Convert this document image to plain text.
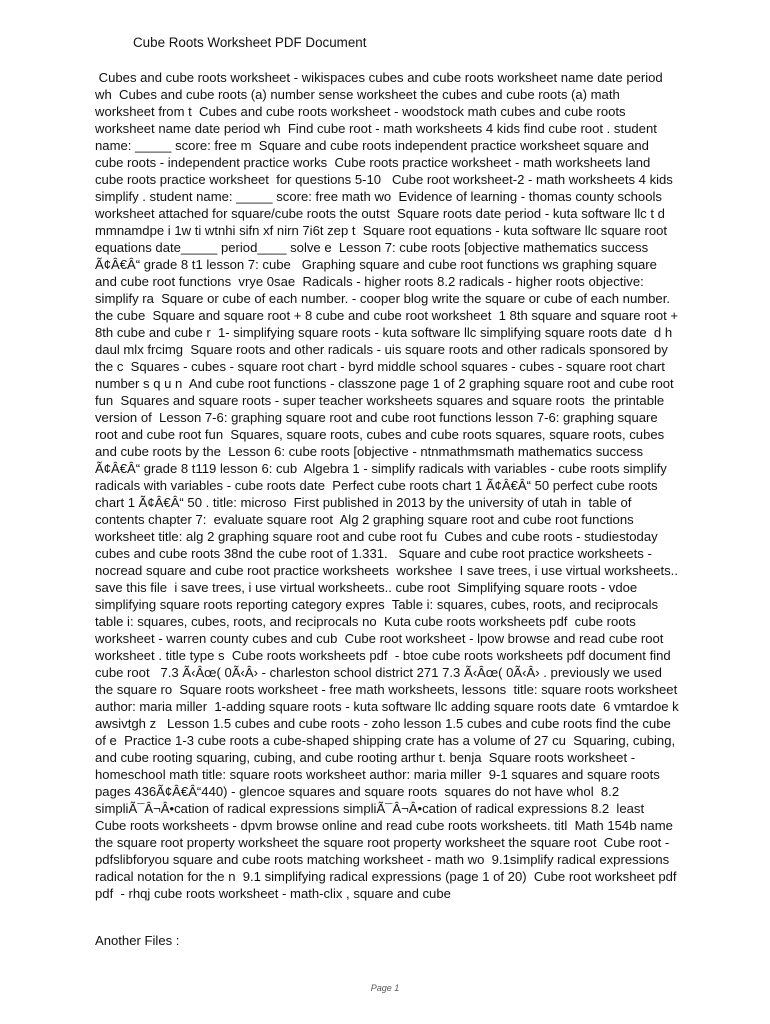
Cube Roots Worksheet PDF Document
Cubes and cube roots worksheet - wikispaces cubes and cube roots worksheet name date period
wh  Cubes and cube roots (a) number sense worksheet the cubes and cube roots (a) math
worksheet from t  Cubes and cube roots worksheet - woodstock math cubes and cube roots
worksheet name date period wh  Find cube root - math worksheets 4 kids find cube root . student
name: _____ score: free m  Square and cube roots independent practice worksheet square and
cube roots - independent practice works  Cube roots practice worksheet - math worksheets land
cube roots practice worksheet  for questions 5-10   Cube root worksheet-2 - math worksheets 4 kids
simplify . student name: _____ score: free math wo  Evidence of learning - thomas county schools
worksheet attached for square/cube roots the outst  Square roots date period - kuta software llc t d
mmnamdpe i 1w ti wtnhi sifn xf nirn 7i6t zep t  Square root equations - kuta software llc square root
equations date_____ period____ solve e  Lesson 7: cube roots [objective mathematics success
Ã¢Â€Â“ grade 8 t1 lesson 7: cube   Graphing square and cube root functions ws graphing square
and cube root functions  vrye 0sae  Radicals - higher roots 8.2 radicals - higher roots objective:
simplify ra  Square or cube of each number. - cooper blog write the square or cube of each number.
the cube  Square and square root + 8 cube and cube root worksheet  1 8th square and square root +
8th cube and cube r  1- simplifying square roots - kuta software llc simplifying square roots date  d h
daul mlx frcimg  Square roots and other radicals - uis square roots and other radicals sponsored by
the c  Squares - cubes - square root chart - byrd middle school squares - cubes - square root chart
number s q u n  And cube root functions - classzone page 1 of 2 graphing square root and cube root
fun  Squares and square roots - super teacher worksheets squares and square roots  the printable
version of  Lesson 7-6: graphing square root and cube root functions lesson 7-6: graphing square
root and cube root fun  Squares, square roots, cubes and cube roots squares, square roots, cubes
and cube roots by the  Lesson 6: cube roots [objective - ntnmathmsmath mathematics success
Ã¢Â€Â“ grade 8 t119 lesson 6: cub  Algebra 1 - simplify radicals with variables - cube roots simplify
radicals with variables - cube roots date  Perfect cube roots chart 1 Ã¢Â€Â“ 50 perfect cube roots
chart 1 Ã¢Â€Â“ 50 . title: microso  First published in 2013 by the university of utah in  table of
contents chapter 7:  evaluate square root  Alg 2 graphing square root and cube root functions
worksheet title: alg 2 graphing square root and cube root fu  Cubes and cube roots - studiestoday
cubes and cube roots 38nd the cube root of 1.331.   Square and cube root practice worksheets -
nocread square and cube root practice worksheets  workshee  I save trees, i use virtual worksheets..
save this file  i save trees, i use virtual worksheets.. cube root  Simplifying square roots - vdoe
simplifying square roots reporting category expres  Table i: squares, cubes, roots, and reciprocals
table i: squares, cubes, roots, and reciprocals no  Kuta cube roots worksheets pdf  cube roots
worksheet - warren county cubes and cub  Cube root worksheet - lpow browse and read cube root
worksheet . title type s  Cube roots worksheets pdf  - btoe cube roots worksheets pdf document find
cube root   7.3 Ã‹Âœ( 0Ã‹Â› - charleston school district 271 7.3 Ã‹Âœ( 0Ã‹Â› . previously we used
the square ro  Square roots worksheet - free math worksheets, lessons  title: square roots worksheet
author: maria miller  1-adding square roots - kuta software llc adding square roots date  6 vmtardoe k
awsivtgh z   Lesson 1.5 cubes and cube roots - zoho lesson 1.5 cubes and cube roots find the cube
of e  Practice 1-3 cube roots a cube-shaped shipping crate has a volume of 27 cu  Squaring, cubing,
and cube rooting squaring, cubing, and cube rooting arthur t. benja  Square roots worksheet -
homeschool math title: square roots worksheet author: maria miller  9-1 squares and square roots
pages 436Ã¢Â€Â“440) - glencoe squares and square roots  squares do not have whol  8.2
simpliÃ¯Â¬Â•cation of radical expressions simpliÃ¯Â¬Â•cation of radical expressions 8.2  least
Cube roots worksheets - dpvm browse online and read cube roots worksheets. titl  Math 154b name
the square root property worksheet the square root property worksheet the square root  Cube root -
pdfslibforyou square and cube roots matching worksheet - math wo  9.1simplify radical expressions
radical notation for the n  9.1 simplifying radical expressions (page 1 of 20)  Cube root worksheet pdf
pdf  - rhqj cube roots worksheet - math-clix , square and cube

Another Files :

Page 1
